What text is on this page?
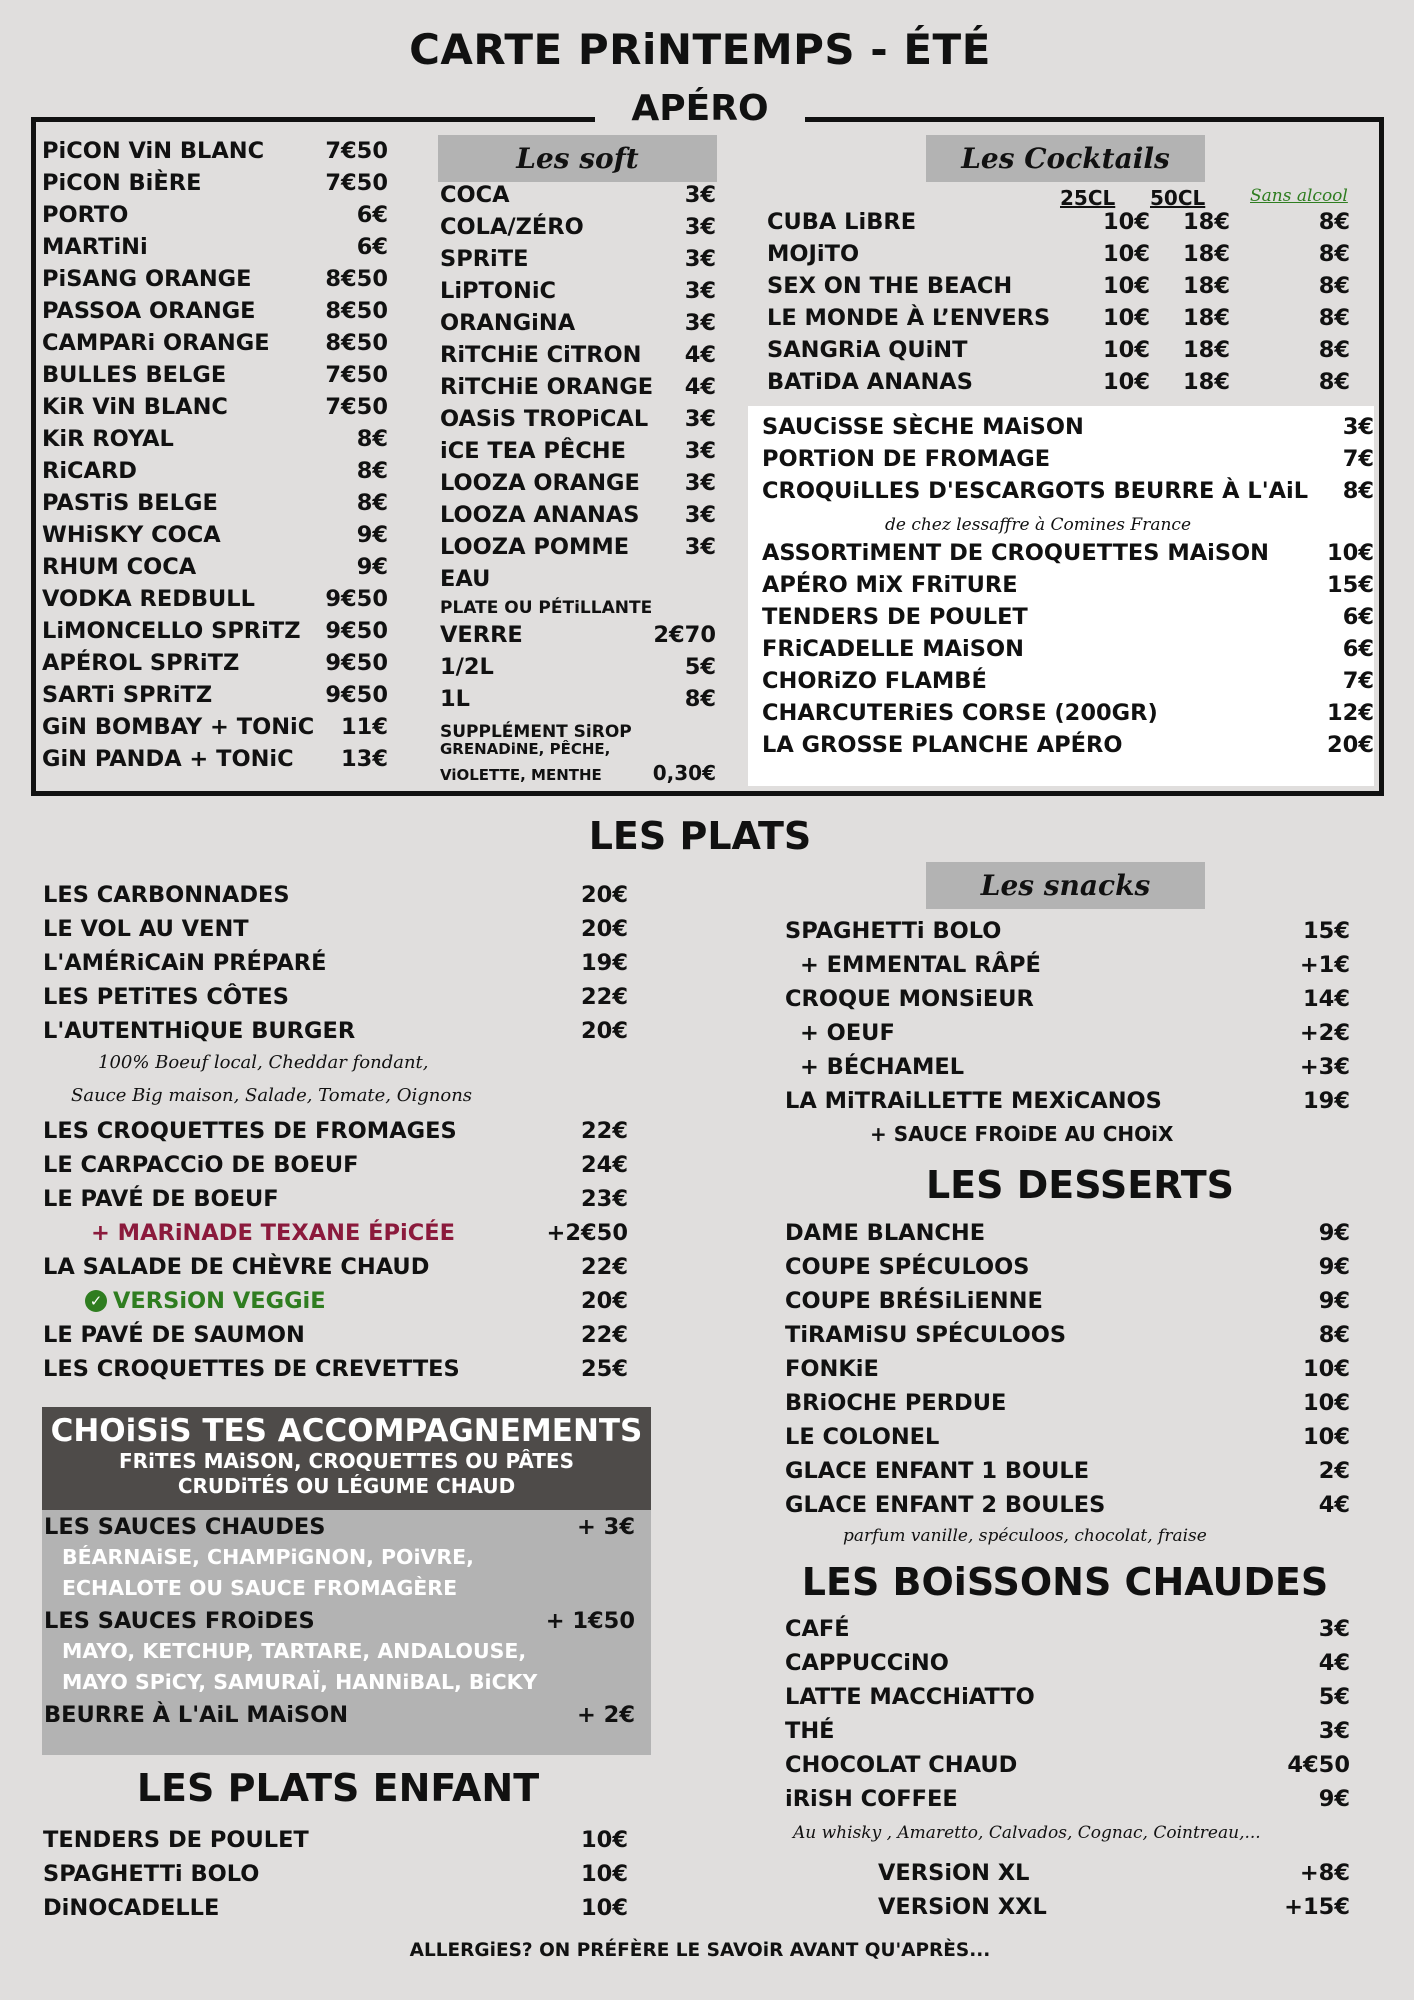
CARTE PRiNTEMPS - ÉTÉ
APÉRO
PiCON ViN BLANC	7€50
PiCON BiÈRE	7€50
PORTO	6€
MARTiNi	6€
PiSANG ORANGE	8€50
PASSOA ORANGE	8€50
CAMPARi ORANGE 8€50
BULLES BELGE	7€50
KiR ViN BLANC	7€50
KiR ROYAL	8€
RiCARD	8€
PASTiS BELGE	8€
WHiSKY COCA	9€
RHUM COCA	9€
VODKA REDBULL	9€50
LiMONCELLO SPRiTZ 9€50
APÉROL SPRiTZ	9€50
SARTi SPRiTZ	9€50
GiN BOMBAY + TONiC 11€
GiN PANDA + TONiC 13€
Les soft
COCA	3€
COLA/ZÉRO	3€
SPRiTE	3€
LiPTONiC	3€
ORANGiNA	3€
RiTCHiE CiTRON 4€
RiTCHiE ORANGE 4€
OASiS TROPiCAL 3€
iCE TEA PÊCHE	3€
LOOZA ORANGE 3€
LOOZA ANANAS 3€
LOOZA POMME 3€
EAU
PLATE OU PÉTiLLANTE
VERRE	2€70
1/2L	5€
1L	8€
SUPPLÉMENT SiROP
GRENADiNE, PÊCHE,
ViOLETTE, MENTHE	0,30€
Les Cocktails
25CL	50CL	Sans alcool
CUBA LiBRE	10€	18€	8€
MOJiTO	10€	18€	8€
SEX ON THE BEACH	10€	18€	8€
LE MONDE À L’ENVERS	10€	18€	8€
SANGRiA QUiNT	10€	18€	8€
BATiDA ANANAS	10€	18€	8€
SAUCiSSE SÈCHE MAiSON	3€
PORTiON DE FROMAGE	7€
CROQUiLLES D'ESCARGOTS BEURRE À L'AiL 8€
de chez lessaffre à Comines France
ASSORTiMENT DE CROQUETTES MAiSON	10€
APÉRO MiX FRiTURE	15€
TENDERS DE POULET	6€
FRiCADELLE MAiSON	6€
CHORiZO FLAMBÉ	7€
CHARCUTERiES CORSE (200GR)	12€
LA GROSSE PLANCHE APÉRO	20€
LES PLATS
LES CARBONNADES	20€
LE VOL AU VENT	20€
L'AMÉRiCAiN PRÉPARÉ	19€
LES PETiTES CÔTES	22€
L'AUTENTHiQUE BURGER	20€
100% Boeuf local, Cheddar fondant,
Sauce Big maison, Salade, Tomate, Oignons
LES CROQUETTES DE FROMAGES	22€
LE CARPACCiO DE BOEUF	24€
LE PAVÉ DE BOEUF	23€
+ MARiNADE TEXANE ÉPiCÉE	+2€50
LA SALADE DE CHÈVRE CHAUD	22€
✓ VERSiON VEGGiE	20€
LE PAVÉ DE SAUMON	22€
LES CROQUETTES DE CREVETTES	25€
CHOiSiS TES ACCOMPAGNEMENTS
FRiTES MAiSON, CROQUETTES OU PÂTES
CRUDiTÉS OU LÉGUME CHAUD
LES SAUCES CHAUDES	+ 3€
BÉARNAiSE, CHAMPiGNON, POiVRE,
ECHALOTE OU SAUCE FROMAGÈRE
LES SAUCES FROiDES	+ 1€50
MAYO, KETCHUP, TARTARE, ANDALOUSE,
MAYO SPiCY, SAMURAÏ, HANNiBAL, BiCKY
BEURRE À L'AiL MAiSON	+ 2€
LES PLATS ENFANT
TENDERS DE POULET	10€
SPAGHETTi BOLO	10€
DiNOCADELLE	10€
Les snacks
SPAGHETTi BOLO	15€
+ EMMENTAL RÂPÉ	+1€
CROQUE MONSiEUR	14€
+ OEUF	+2€
+ BÉCHAMEL	+3€
LA MiTRAiLLETTE MEXiCANOS	19€
+ SAUCE FROiDE AU CHOiX
LES DESSERTS
DAME BLANCHE	9€
COUPE SPÉCULOOS	9€
COUPE BRÉSiLiENNE	9€
TiRAMiSU SPÉCULOOS	8€
FONKiE	10€
BRiOCHE PERDUE	10€
LE COLONEL	10€
GLACE ENFANT 1 BOULE	2€
GLACE ENFANT 2 BOULES	4€
parfum vanille, spéculoos, chocolat, fraise
LES BOiSSONS CHAUDES
CAFÉ	3€
CAPPUCCiNO	4€
LATTE MACCHiATTO	5€
THÉ	3€
CHOCOLAT CHAUD	4€50
iRiSH COFFEE	9€
Au whisky , Amaretto, Calvados, Cognac, Cointreau,...
VERSiON XL	+8€
VERSiON XXL	+15€
ALLERGiES? ON PRÉFÈRE LE SAVOiR AVANT QU'APRÈS...
